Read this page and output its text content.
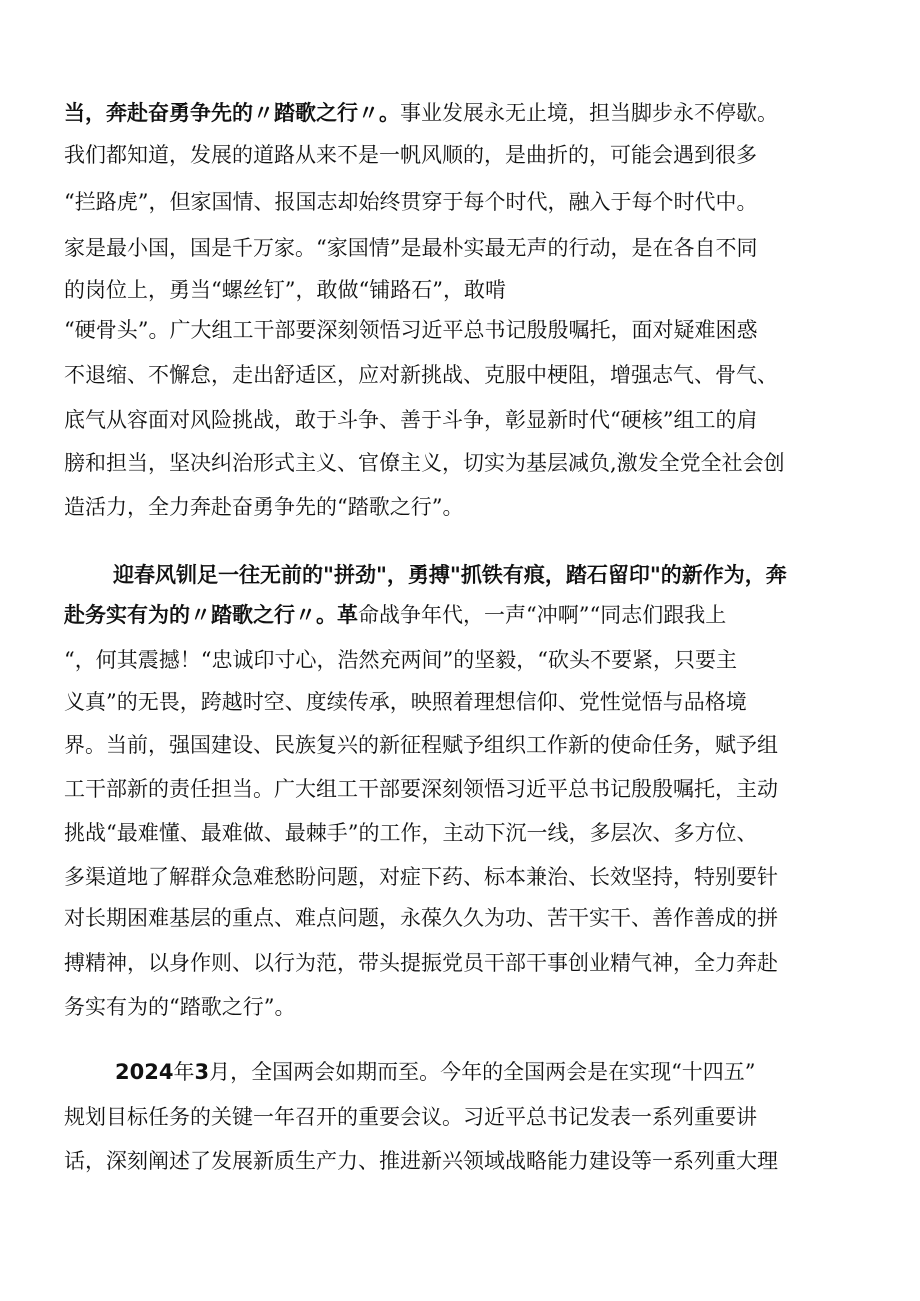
当，奔赴奋勇争先的〃踏歌之行〃。事业发展永无止境，担当脚步永不停歇。
我们都知道，发展的道路从来不是一帆风顺的，是曲折的，可能会遇到很多
“拦路虎”，但家国情、报国志却始终贯穿于每个时代，融入于每个时代中。
家是最小国，国是千万家。“家国情”是最朴实最无声的行动，是在各自不同
的岗位上，勇当“螺丝钉”，敢做“铺路石”，敢啃
“硬骨头”。广大组工干部要深刻领悟习近平总书记殷殷嘱托，面对疑难困惑
不退缩、不懈怠，走出舒适区，应对新挑战、克服中梗阻，增强志气、骨气、
底气从容面对风险挑战，敢于斗争、善于斗争，彰显新时代“硬核”组工的肩
膀和担当，坚决纠治形式主义、官僚主义，切实为基层减负,激发全党全社会创
造活力，全力奔赴奋勇争先的“踏歌之行”。
迎春风钏足一往无前的"拼劲"，勇搏"抓铁有痕，踏石留印"的新作为，奔
赴务实有为的〃踏歌之行〃。革命战争年代，一声“冲啊”“同志们跟我上
“，何其震撼！“忠诚印寸心，浩然充两间”的坚毅，“砍头不要紧，只要主
义真”的无畏，跨越时空、度续传承，映照着理想信仰、党性觉悟与品格境
界。当前，强国建设、民族复兴的新征程赋予组织工作新的使命任务，赋予组
工干部新的责任担当。广大组工干部要深刻领悟习近平总书记殷殷嘱托，主动
挑战“最难懂、最难做、最棘手”的工作，主动下沉一线，多层次、多方位、
多渠道地了解群众急难愁盼问题，对症下药、标本兼治、长效坚持，特别要针
对长期困难基层的重点、难点问题，永葆久久为功、苦干实干、善作善成的拼
搏精神，以身作则、以行为范，带头提振党员干部干事创业精气神，全力奔赴
务实有为的“踏歌之行”。
2024年3月，全国两会如期而至。今年的全国两会是在实现“十四五”
规划目标任务的关键一年召开的重要会议。习近平总书记发表一系列重要讲
话，深刻阐述了发展新质生产力、推进新兴领域战略能力建设等一系列重大理
